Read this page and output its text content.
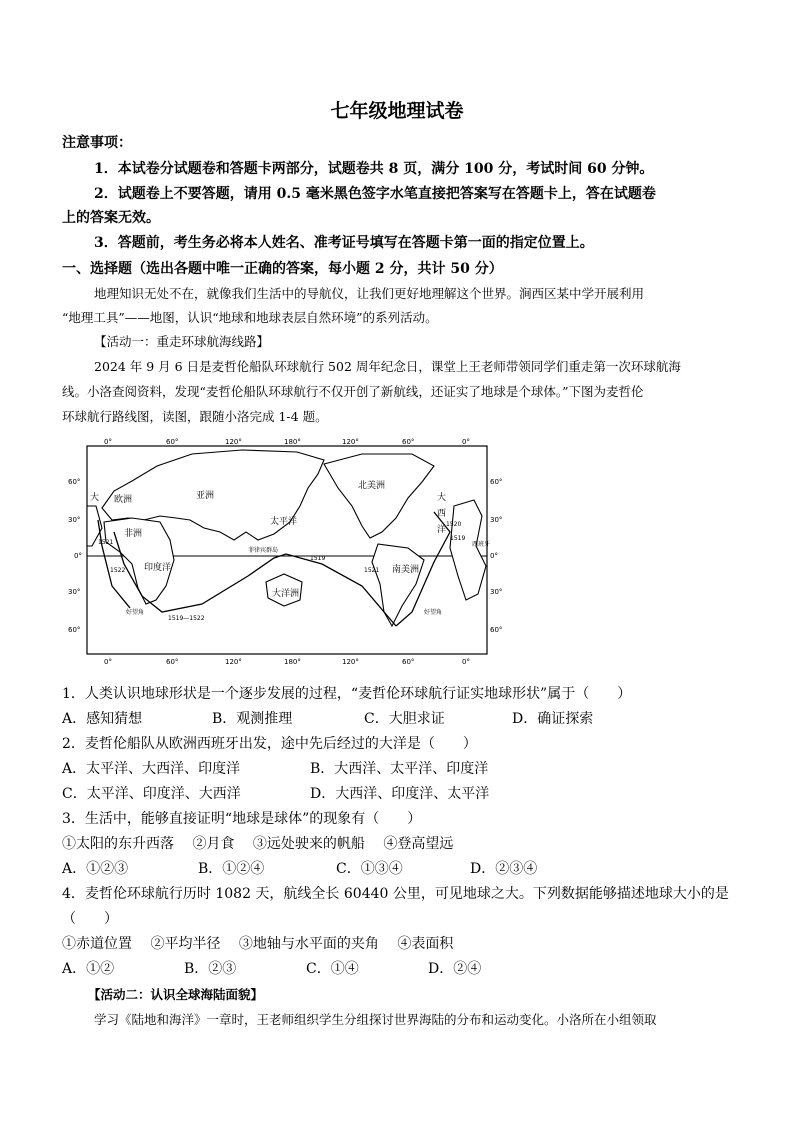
七年级地理试卷
注意事项：
1．本试卷分试题卷和答题卡两部分，试题卷共 8 页，满分 100 分，考试时间 60 分钟。
2．试题卷上不要答题，请用 0.5 毫米黑色签字水笔直接把答案写在答题卡上，答在试题卷
上的答案无效。
3．答题前，考生务必将本人姓名、准考证号填写在答题卡第一面的指定位置上。
一、选择题（选出各题中唯一正确的答案，每小题 2 分，共计 50 分）
地理知识无处不在，就像我们生活中的导航仪，让我们更好地理解这个世界。涧西区某中学开展利用
“地理工具”——地图，认识“地球和地球表层自然环境”的系列活动。
【活动一：重走环球航海线路】
2024 年 9 月 6 日是麦哲伦船队环球航行 502 周年纪念日，课堂上王老师带领同学们重走第一次环球航海
线。小洛查阅资料，发现“麦哲伦船队环球航行不仅开创了新航线，还证实了地球是个球体。”下图为麦哲伦
环球航行路线图，读图，跟随小洛完成 1-4 题。
0°	60°	120°	180°	120°	60°	0°
0°	60°	120°	180°	120°	60°	0°
60°
30°
0°
30°
60°
60°
30°
0°
30°
60°
欧洲	亚洲
非洲
北美洲
南美洲
大洋洲
太平洋
印度洋
大
西
洋
大
菲律宾群岛
好望角	好望角
西班牙
1519
1520
1521
1522	1521
1519—1522
1519
1．人类认识地球形状是一个逐步发展的过程，“麦哲伦环球航行证实地球形状”属于（　　）
A．感知猜想	B．观测推理	C．大胆求证	D．确证探索
2．麦哲伦船队从欧洲西班牙出发，途中先后经过的大洋是（　　）
A．太平洋、大西洋、印度洋	B．大西洋、太平洋、印度洋
C．太平洋、印度洋、大西洋	D．大西洋、印度洋、太平洋
3．生活中，能够直接证明“地球是球体”的现象有（　　）
①太阳的东升西落　 ②月食　 ③远处驶来的帆船　 ④登高望远
A．①②③	B．①②④	C．①③④	D．②③④
4．麦哲伦环球航行历时 1082 天，航线全长 60440 公里，可见地球之大。下列数据能够描述地球大小的是
（　　）
①赤道位置　 ②平均半径　 ③地轴与水平面的夹角　 ④表面积
A．①②	B．②③	C．①④	D．②④
【活动二：认识全球海陆面貌】
学习《陆地和海洋》一章时，王老师组织学生分组探讨世界海陆的分布和运动变化。小洛所在小组领取
